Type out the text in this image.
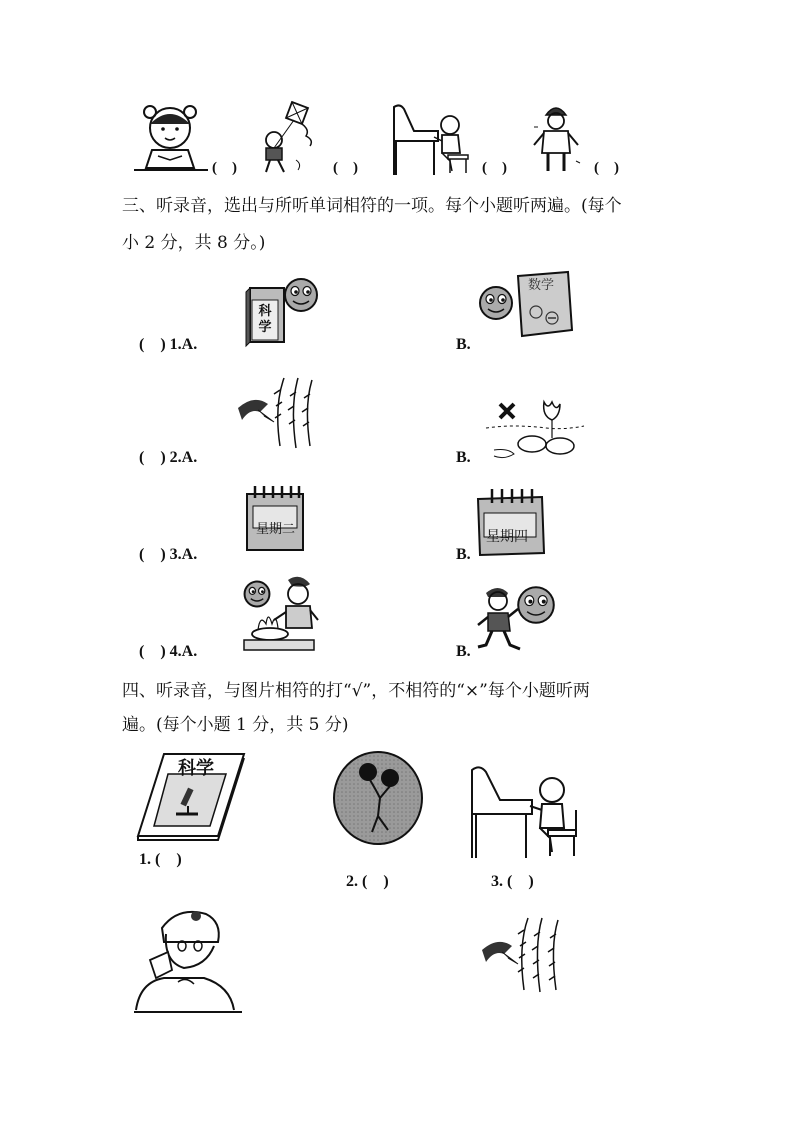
(    )	(    )	(    )	(    )
三、听录音，选出与所听单词相符的一项。每个小题听两遍。(每个
小 2 分，共 8 分。)
科学
(    ) 1.A.
数学
B.
(    ) 2.A.	B.
星期二
(    ) 3.A.
星期四
B.
(    ) 4.A.	B.
四、听录音，与图片相符的打“√”，不相符的“×”每个小题听两
遍。(每个小题 1 分，共 5 分)
科学
1. (    )
2. (    )	3. (    )
